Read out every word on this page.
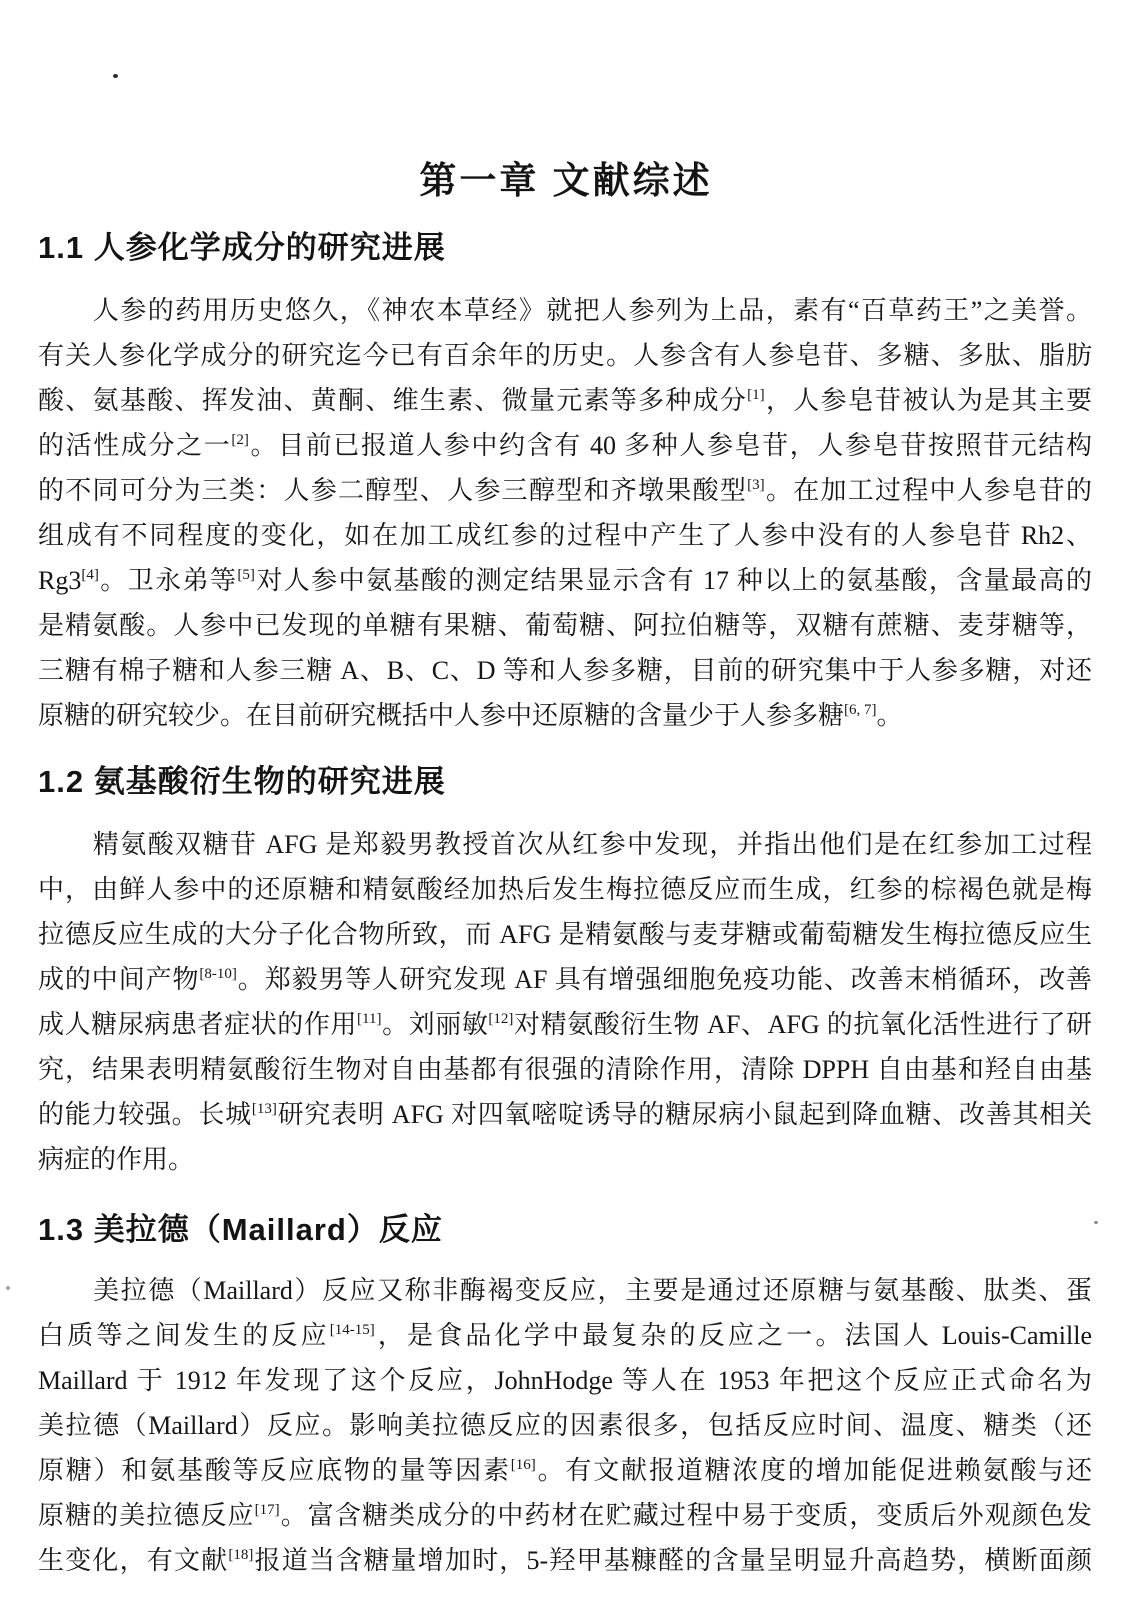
第一章 文献综述
1.1 人参化学成分的研究进展
　　人参的药用历史悠久，《神农本草经》就把人参列为上品，素有“百草药王”之美誉。
有关人参化学成分的研究迄今已有百余年的历史。人参含有人参皂苷、多糖、多肽、脂肪
酸、氨基酸、挥发油、黄酮、维生素、微量元素等多种成分[1]，人参皂苷被认为是其主要
的活性成分之一[2]。目前已报道人参中约含有 40 多种人参皂苷，人参皂苷按照苷元结构
的不同可分为三类：人参二醇型、人参三醇型和齐墩果酸型[3]。在加工过程中人参皂苷的
组成有不同程度的变化，如在加工成红参的过程中产生了人参中没有的人参皂苷 Rh2、
Rg3[4]。卫永弟等[5]对人参中氨基酸的测定结果显示含有 17 种以上的氨基酸，含量最高的
是精氨酸。人参中已发现的单糖有果糖、葡萄糖、阿拉伯糖等，双糖有蔗糖、麦芽糖等，
三糖有棉子糖和人参三糖 A、B、C、D 等和人参多糖，目前的研究集中于人参多糖，对还
原糖的研究较少。在目前研究概括中人参中还原糖的含量少于人参多糖[6, 7]。
1.2 氨基酸衍生物的研究进展
　　精氨酸双糖苷 AFG 是郑毅男教授首次从红参中发现，并指出他们是在红参加工过程
中，由鲜人参中的还原糖和精氨酸经加热后发生梅拉德反应而生成，红参的棕褐色就是梅
拉德反应生成的大分子化合物所致，而 AFG 是精氨酸与麦芽糖或葡萄糖发生梅拉德反应生
成的中间产物[8-10]。郑毅男等人研究发现 AF 具有增强细胞免疫功能、改善末梢循环，改善
成人糖尿病患者症状的作用[11]。刘丽敏[12]对精氨酸衍生物 AF、AFG 的抗氧化活性进行了研
究，结果表明精氨酸衍生物对自由基都有很强的清除作用，清除 DPPH 自由基和羟自由基
的能力较强。长城[13]研究表明 AFG 对四氧嘧啶诱导的糖尿病小鼠起到降血糖、改善其相关
病症的作用。
1.3 美拉德（Maillard）反应
　　美拉德（Maillard）反应又称非酶褐变反应，主要是通过还原糖与氨基酸、肽类、蛋
白质等之间发生的反应[14-15]，是食品化学中最复杂的反应之一。法国人 Louis-Camille
Maillard 于 1912 年发现了这个反应，JohnHodge 等人在 1953 年把这个反应正式命名为
美拉德（Maillard）反应。影响美拉德反应的因素很多，包括反应时间、温度、糖类（还
原糖）和氨基酸等反应底物的量等因素[16]。有文献报道糖浓度的增加能促进赖氨酸与还
原糖的美拉德反应[17]。富含糖类成分的中药材在贮藏过程中易于变质，变质后外观颜色发
生变化，有文献[18]报道当含糖量增加时，5-羟甲基糠醛的含量呈明显升高趋势，横断面颜
